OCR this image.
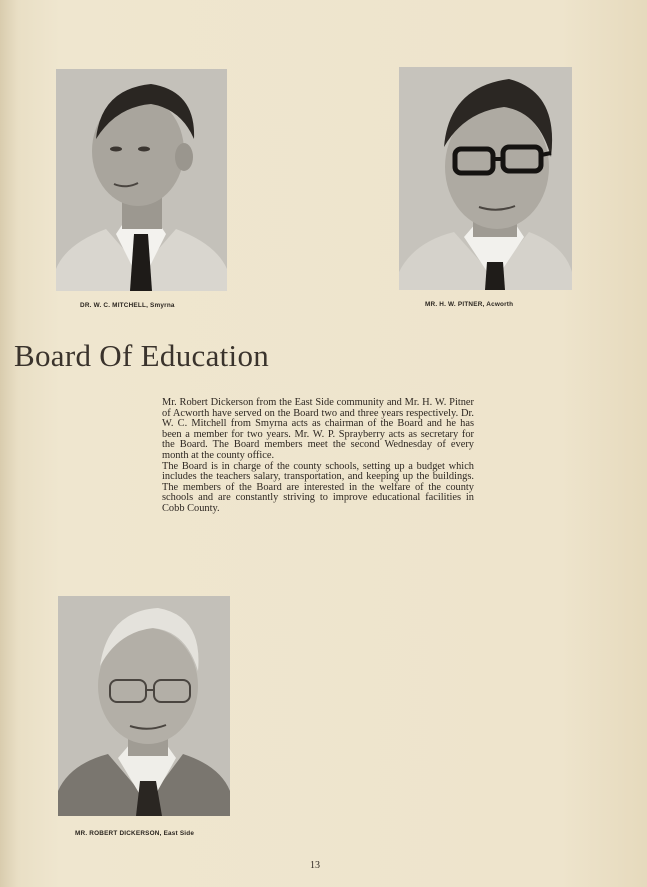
DR. W. C. MITCHELL, Smyrna	MR. H. W. PITNER, Acworth
Board Of Education

Mr. Robert Dickerson from the East Side community and Mr. H. W. Pitner of Acworth have served on the Board two and three years respectively. Dr. W. C. Mitchell from Smyrna acts as chairman of the Board and he has been a member for two years. Mr. W. P. Sprayberry acts as secretary for the Board. The Board members meet the second Wednesday of every month at the county office.

The Board is in charge of the county schools, setting up a budget which includes the teachers salary, transportation, and keeping up the buildings. The members of the Board are interested in the welfare of the county schools and are constantly striving to improve educational facilities in Cobb County.

MR. ROBERT DICKERSON, East Side
13
